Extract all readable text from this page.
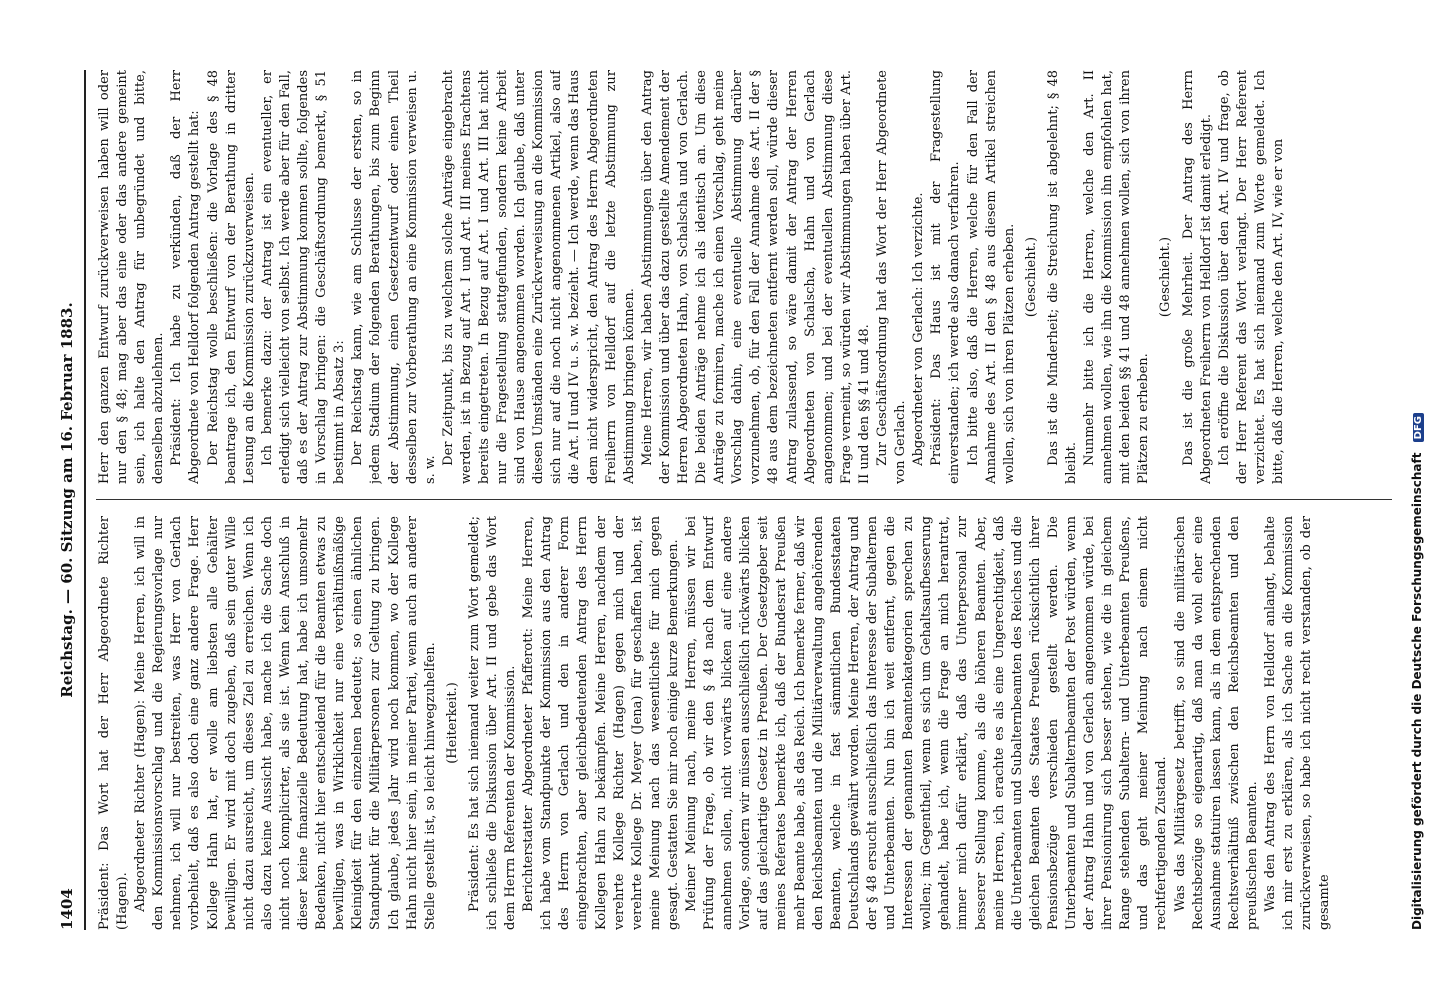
1404
Reichstag. — 60. Sitzung am 16. Februar 1883.

Präsident: Das Wort hat der Herr Abgeordnete Richter (Hagen). Abgeordneter Richter (Hagen): Meine Herren, ich will in den Kommissionsvorschlag und die Regierungsvorlage nur nehmen, ich will nur bestreiten, was Herr von Gerlach vorbehielt, daß es also doch eine ganz andere Frage. Herr Kollege Hahn hat, er wolle am liebsten alle Gehälter bewilligen. Er wird mit doch zugeben, daß sein guter Wille nicht dazu ausreicht, um dieses Ziel zu erreichen. Wenn ich also dazu keine Aussicht habe, mache ich die Sache doch nicht noch komplicirter, als sie ist. Wenn kein Anschluß in dieser keine finanzielle Bedeutung hat, habe ich umsomehr Bedenken, nicht hier entscheidend für die Beamten etwas zu bewilligen, was in Wirklichkeit nur eine verhältnißmäßige Kleinigkeit für den einzelnen bedeutet; so einen ähnlichen Standpunkt für die Militärpersonen zur Geltung zu bringen. Ich glaube, jedes Jahr wird noch kommen, wo der Kollege Hahn nicht hier sein, in meiner Partei, wenn auch an anderer Stelle gestellt ist, so leicht hinwegzuhelfen. (Heiterkeit.) Präsident: Es hat sich niemand weiter zum Wort gemeldet; ich schließe die Diskussion über Art. II und gebe das Wort dem Herrn Referenten der Kommission. Berichterstatter Abgeordneter Pfafferott: Meine Herren, ich habe vom Standpunkte der Kommission aus den Antrag des Herrn von Gerlach und den in anderer Form eingebrachten, aber gleichbedeutenden Antrag des Herrn Kollegen Hahn zu bekämpfen. Meine Herren, nachdem der verehrte Kollege Richter (Hagen) gegen mich und der verehrte Kollege Dr. Meyer (Jena) für geschaffen haben, ist meine Meinung nach das wesentlichste für mich gegen gesagt. Gestatten Sie mir noch einige kurze Bemerkungen. Meiner Meinung nach, meine Herren, müssen wir bei Prüfung der Frage, ob wir den § 48 nach dem Entwurf annehmen sollen, nicht vorwärts blicken auf eine andere Vorlage, sondern wir müssen ausschließlich rückwärts blicken auf das gleichartige Gesetz in Preußen. Der Gesetzgeber seit meines Referates bemerkte ich, daß der Bundesrat Preußen mehr Beamte habe, als das Reich. Ich bemerke ferner, daß wir den Reichsbeamten und die Militärverwaltung angehörenden Beamten, welche in fast sämmtlichen Bundesstaaten Deutschlands gewährt worden. Meine Herren, der Antrag und der § 48 ersucht ausschließlich das Interesse der Subalternen und Unterbeamten. Nun bin ich weit entfernt, gegen die Interessen der genannten Beamtenkategorien sprechen zu wollen; im Gegentheil, wenn es sich um Gehaltsaufbesserung gehandelt, habe ich, wenn die Frage an mich herantrat, immer mich dafür erklärt, daß das Unterpersonal zur besserer Stellung komme, als die höheren Beamten. Aber, meine Herren, ich erachte es als eine Ungerechtigkeit, daß die Unterbeamten und Subalternbeamten des Reiches und die gleichen Beamten des Staates Preußen rücksichtlich ihrer Pensionsbezüge verschieden gestellt werden. Die Unterbeamten und Subalternbeamten der Post würden, wenn der Antrag Hahn und von Gerlach angenommen würde, bei ihrer Pensionirung sich besser stehen, wie die in gleichem Range stehenden Subaltern- und Unterbeamten Preußens, und das geht meiner Meinung nach einem nicht rechtfertigenden Zustand. Was das Militärgesetz betrifft, so sind die militärischen Rechtsbezüge so eigenartig, daß man da wohl eher eine Ausnahme statuiren lassen kann, als in dem entsprechenden Rechtsverhältniß zwischen den Reichsbeamten und den preußischen Beamten. Was den Antrag des Herrn von Helldorf anlangt, behalte ich mir erst zu erklären, als ich Sache an die Kommission zurückverweisen, so habe ich nicht recht verstanden, ob der gesamte

Herr den ganzen Entwurf zurückverweisen haben will oder nur den § 48; mag aber das eine oder das andere gemeint sein, ich halte den Antrag für unbegründet und bitte, denselben abzulehnen. Präsident: Ich habe zu verkünden, daß der Herr Abgeordnete von Helldorf folgenden Antrag gestellt hat: Der Reichstag wolle beschließen: die Vorlage des § 48 beantrage ich, den Entwurf von der Berathung in dritter Lesung an die Kommission zurückzuverweisen. Ich bemerke dazu: der Antrag ist ein eventueller, er erledigt sich vielleicht von selbst. Ich werde aber für den Fall, daß es der Antrag zur Abstimmung kommen sollte, folgendes in Vorschlag bringen: die Geschäftsordnung bemerkt, § 51 bestimmt in Absatz 3: Der Reichstag kann, wie am Schlusse der ersten, so in jedem Stadium der folgenden Berathungen, bis zum Beginn der Abstimmung, einen Gesetzentwurf oder einen Theil desselben zur Vorberathung an eine Kommission verweisen u. s. w.

Der Zeitpunkt, bis zu welchem solche Anträge eingebracht werden, ist in Bezug auf Art. I und Art. III meines Erachtens bereits eingetreten. In Bezug auf Art. I und Art. III hat nicht nur die Fragestellung stattgefunden, sondern keine Arbeit sind von Hause angenommen worden. Ich glaube, daß unter diesen Umständen eine Zurückverweisung an die Kommission sich nur auf die noch nicht angenommenen Artikel, also auf die Art. II und IV u. s. w. bezieht. — Ich werde, wenn das Haus dem nicht widerspricht, den Antrag des Herrn Abgeordneten Freiherrn von Helldorf auf die letzte Abstimmung zur Abstimmung bringen können. Meine Herren, wir haben Abstimmungen über den Antrag der Kommission und über das dazu gestellte Amendement der Herren Abgeordneten Hahn, von Schalscha und von Gerlach. Die beiden Anträge nehme ich als identisch an. Um diese Anträge zu formiren, mache ich einen Vorschlag, geht meine Vorschlag dahin, eine eventuelle Abstimmung darüber vorzunehmen, ob, für den Fall der Annahme des Art. II der § 48 aus dem bezeichneten entfernt werden soll, würde dieser Antrag zulassend, so wäre damit der Antrag der Herren Abgeordneten von Schalscha, Hahn und von Gerlach angenommen; und bei der eventuellen Abstimmung diese Frage verneint, so würden wir Abstimmungen haben über Art. II und den §§ 41 und 48. Zur Geschäftsordnung hat das Wort der Herr Abgeordnete von Gerlach. Abgeordneter von Gerlach: Ich verzichte. Präsident: Das Haus ist mit der Fragestellung einverstanden; ich werde also danach verfahren. Ich bitte also, daß die Herren, welche für den Fall der Annahme des Art. II den § 48 aus diesem Artikel streichen wollen, sich von ihren Plätzen erheben. (Geschieht.) Das ist die Minderheit; die Streichung ist abgelehnt; § 48 bleibt. Nunmehr bitte ich die Herren, welche den Art. II annehmen wollen, wie ihn die Kommission ihn empfohlen hat, mit den beiden §§ 41 und 48 annehmen wollen, sich von ihren Plätzen zu erheben.

(Geschieht.) Das ist die große Mehrheit. Der Antrag des Herrn Abgeordneten Freiherrn von Helldorf ist damit erledigt. Ich eröffne die Diskussion über den Art. IV und frage, ob der Herr Referent das Wort verlangt. Der Herr Referent verzichtet. Es hat sich niemand zum Worte gemeldet. Ich bitte, daß die Herren, welche den Art. IV, wie er von

Digitalisierung gefördert durch die Deutsche Forschungsgemeinschaft DFG
